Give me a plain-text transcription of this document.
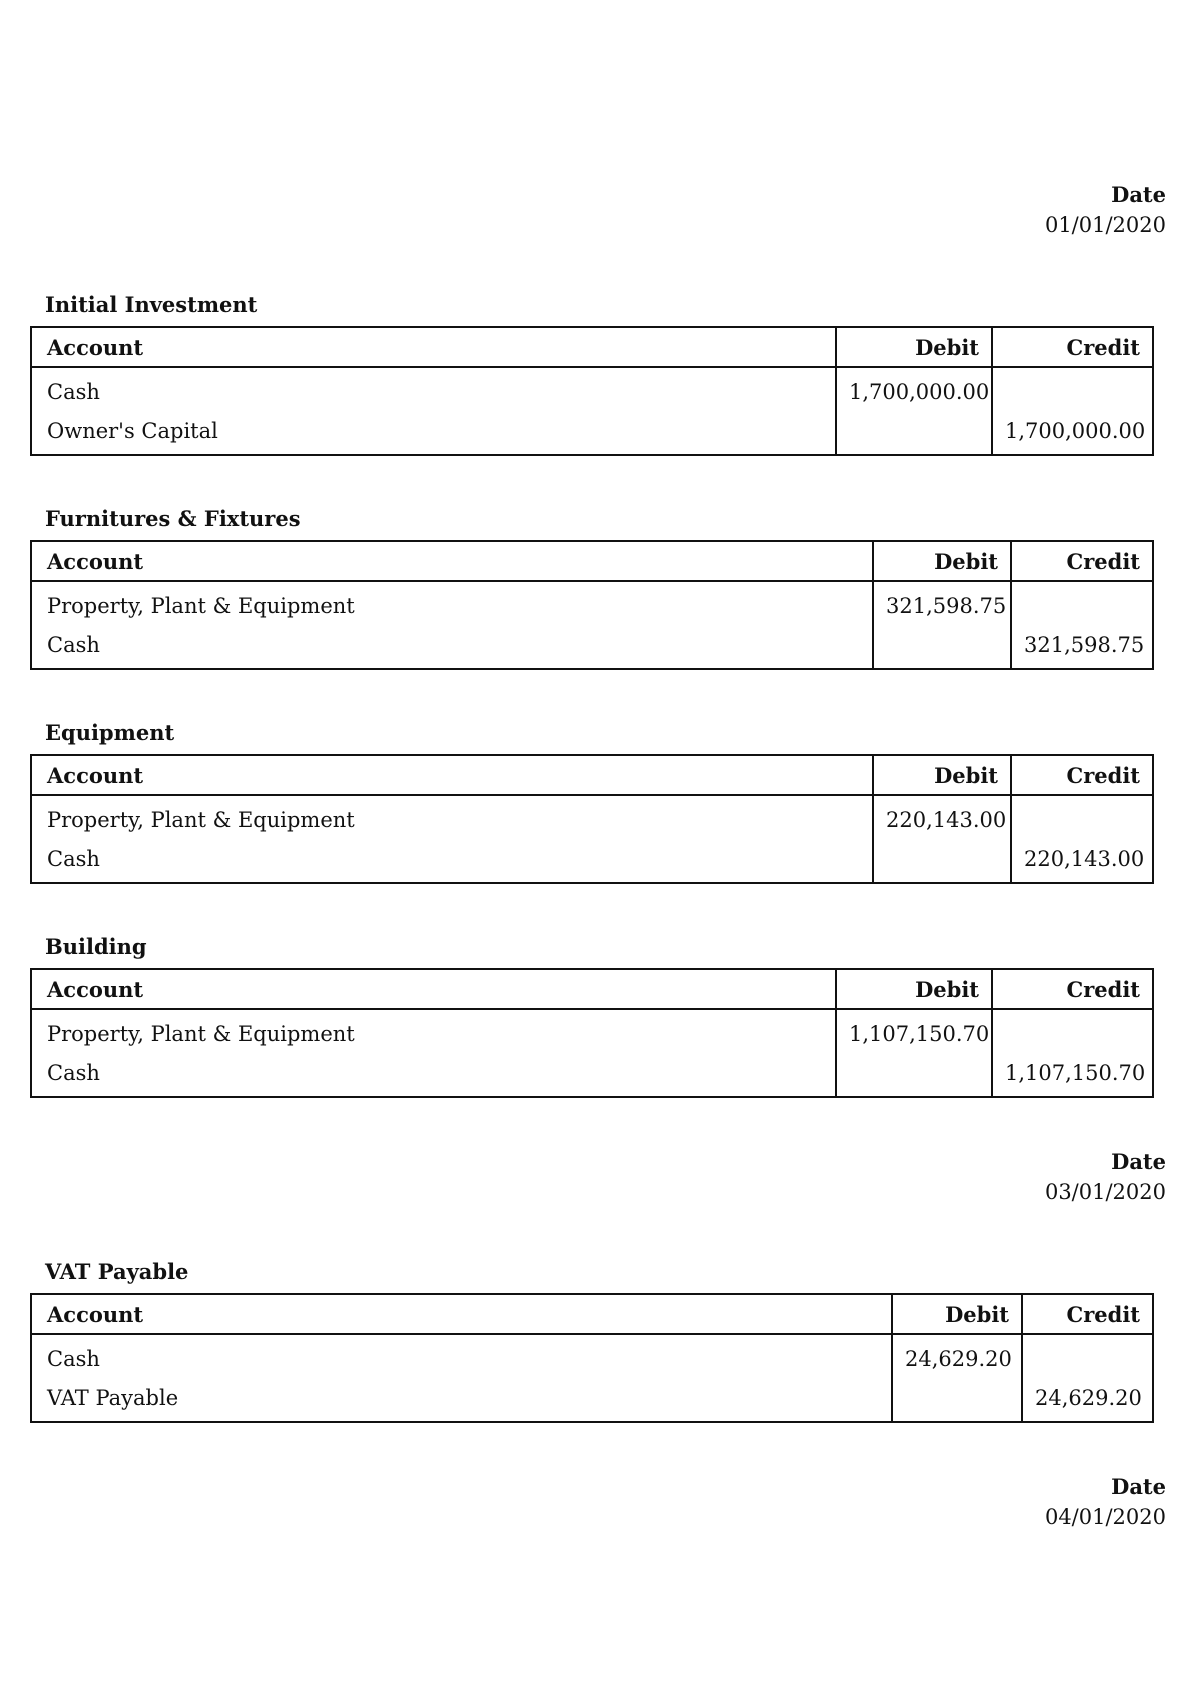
Date
01/01/2020
Initial Investment
Account	Debit	Credit
Cash	1,700,000.00	
Owner's Capital		1,700,000.00
Furnitures & Fixtures
Account	Debit	Credit
Property, Plant & Equipment	321,598.75	
Cash		321,598.75
Equipment
Account	Debit	Credit
Property, Plant & Equipment	220,143.00	
Cash		220,143.00
Building
Account	Debit	Credit
Property, Plant & Equipment	1,107,150.70	
Cash		1,107,150.70
Date
03/01/2020
VAT Payable
Account	Debit	Credit
Cash	24,629.20	
VAT Payable		24,629.20
Date
04/01/2020
